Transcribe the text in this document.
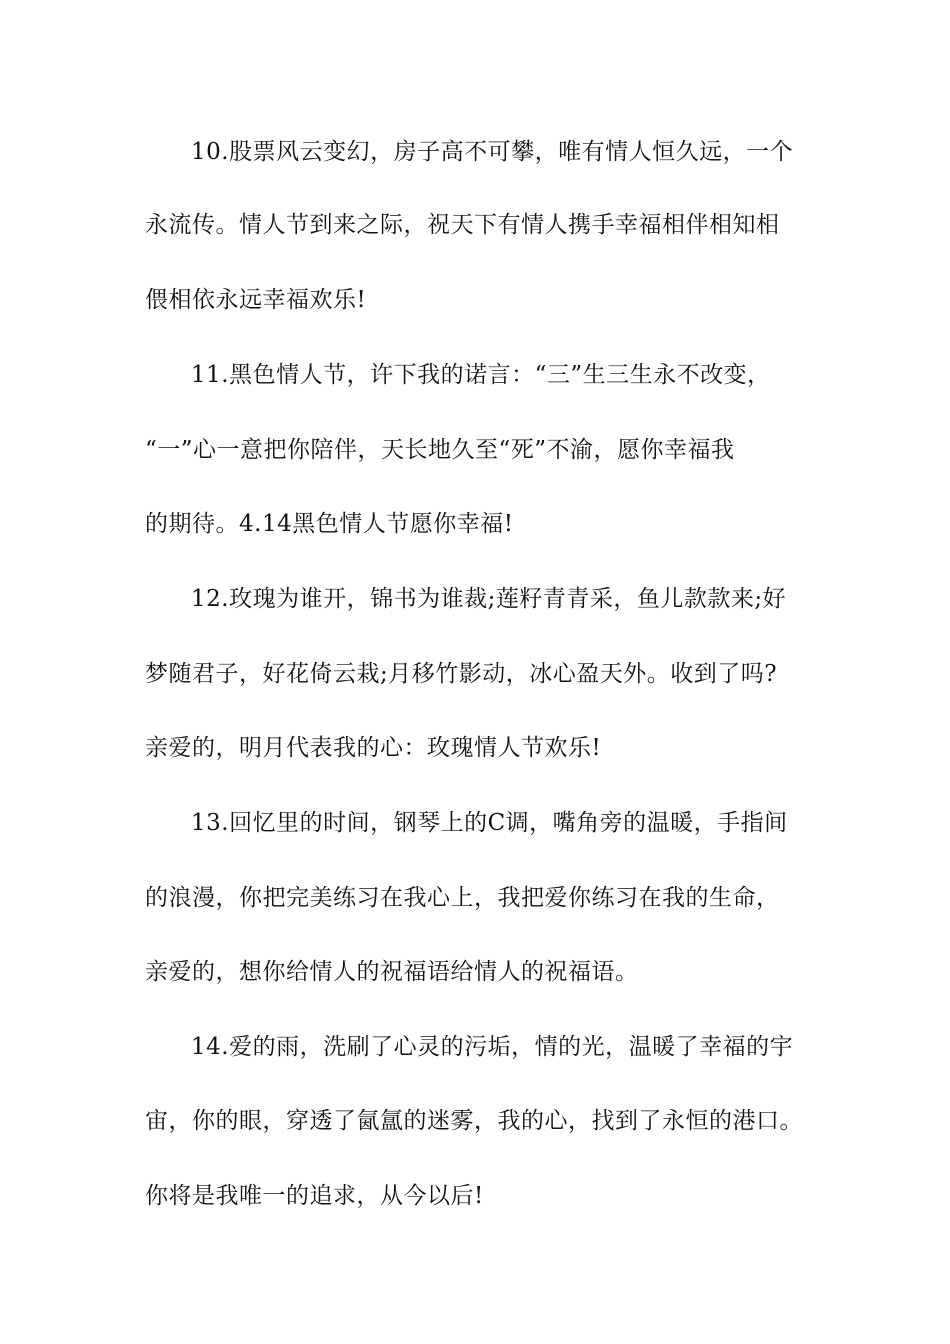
10.股票风云变幻，房子高不可攀，唯有情人恒久远，一个
永流传。情人节到来之际，祝天下有情人携手幸福相伴相知相
偎相依永远幸福欢乐!
11.黑色情人节，许下我的诺言：“三”生三生永不改变，
“一”心一意把你陪伴，天长地久至“死”不渝，愿你幸福我
的期待。4.14黑色情人节愿你幸福!
12.玫瑰为谁开，锦书为谁裁;莲籽青青采，鱼儿款款来;好
梦随君子，好花倚云栽;月移竹影动，冰心盈天外。收到了吗?
亲爱的，明月代表我的心：玫瑰情人节欢乐!
13.回忆里的时间，钢琴上的C调，嘴角旁的温暖，手指间
的浪漫，你把完美练习在我心上，我把爱你练习在我的生命，
亲爱的，想你给情人的祝福语给情人的祝福语。
14.爱的雨，洗刷了心灵的污垢，情的光，温暖了幸福的宇
宙，你的眼，穿透了氤氲的迷雾，我的心，找到了永恒的港口。
你将是我唯一的追求，从今以后!
